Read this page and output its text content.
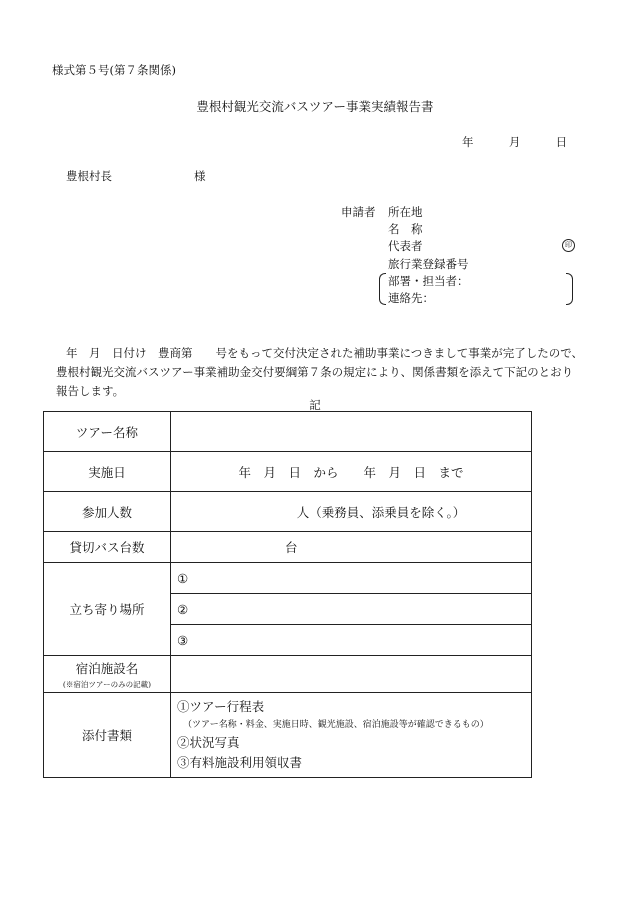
様式第５号(第７条関係)
豊根村観光交流バスツアー事業実績報告書
年	月	日
豊根村長	様
申請者 所在地
名　称
代表者	印
旅行業登録番号
部署・担当者：
連絡先：
年　月　日付け　豊商第　　号をもって交付決定された補助事業につきまして事業が完了したので、
豊根村観光交流バスツアー事業補助金交付要綱第７条の規定により、関係書類を添えて下記のとおり
報告します。
記
ツアー名称	
実施日	年　月　日　から　　年　月　日　まで
参加人数	人（乗務員、添乗員を除く。）
貸切バス台数	台
立ち寄り場所	①
	②
	③
宿泊施設名
(※宿泊ツアーのみの記載)	

添付書類	①ツアー行程表
（ツアー名称・料金、実施日時、観光施設、宿泊施設等が確認できるもの）
②状況写真
③有料施設利用領収書
